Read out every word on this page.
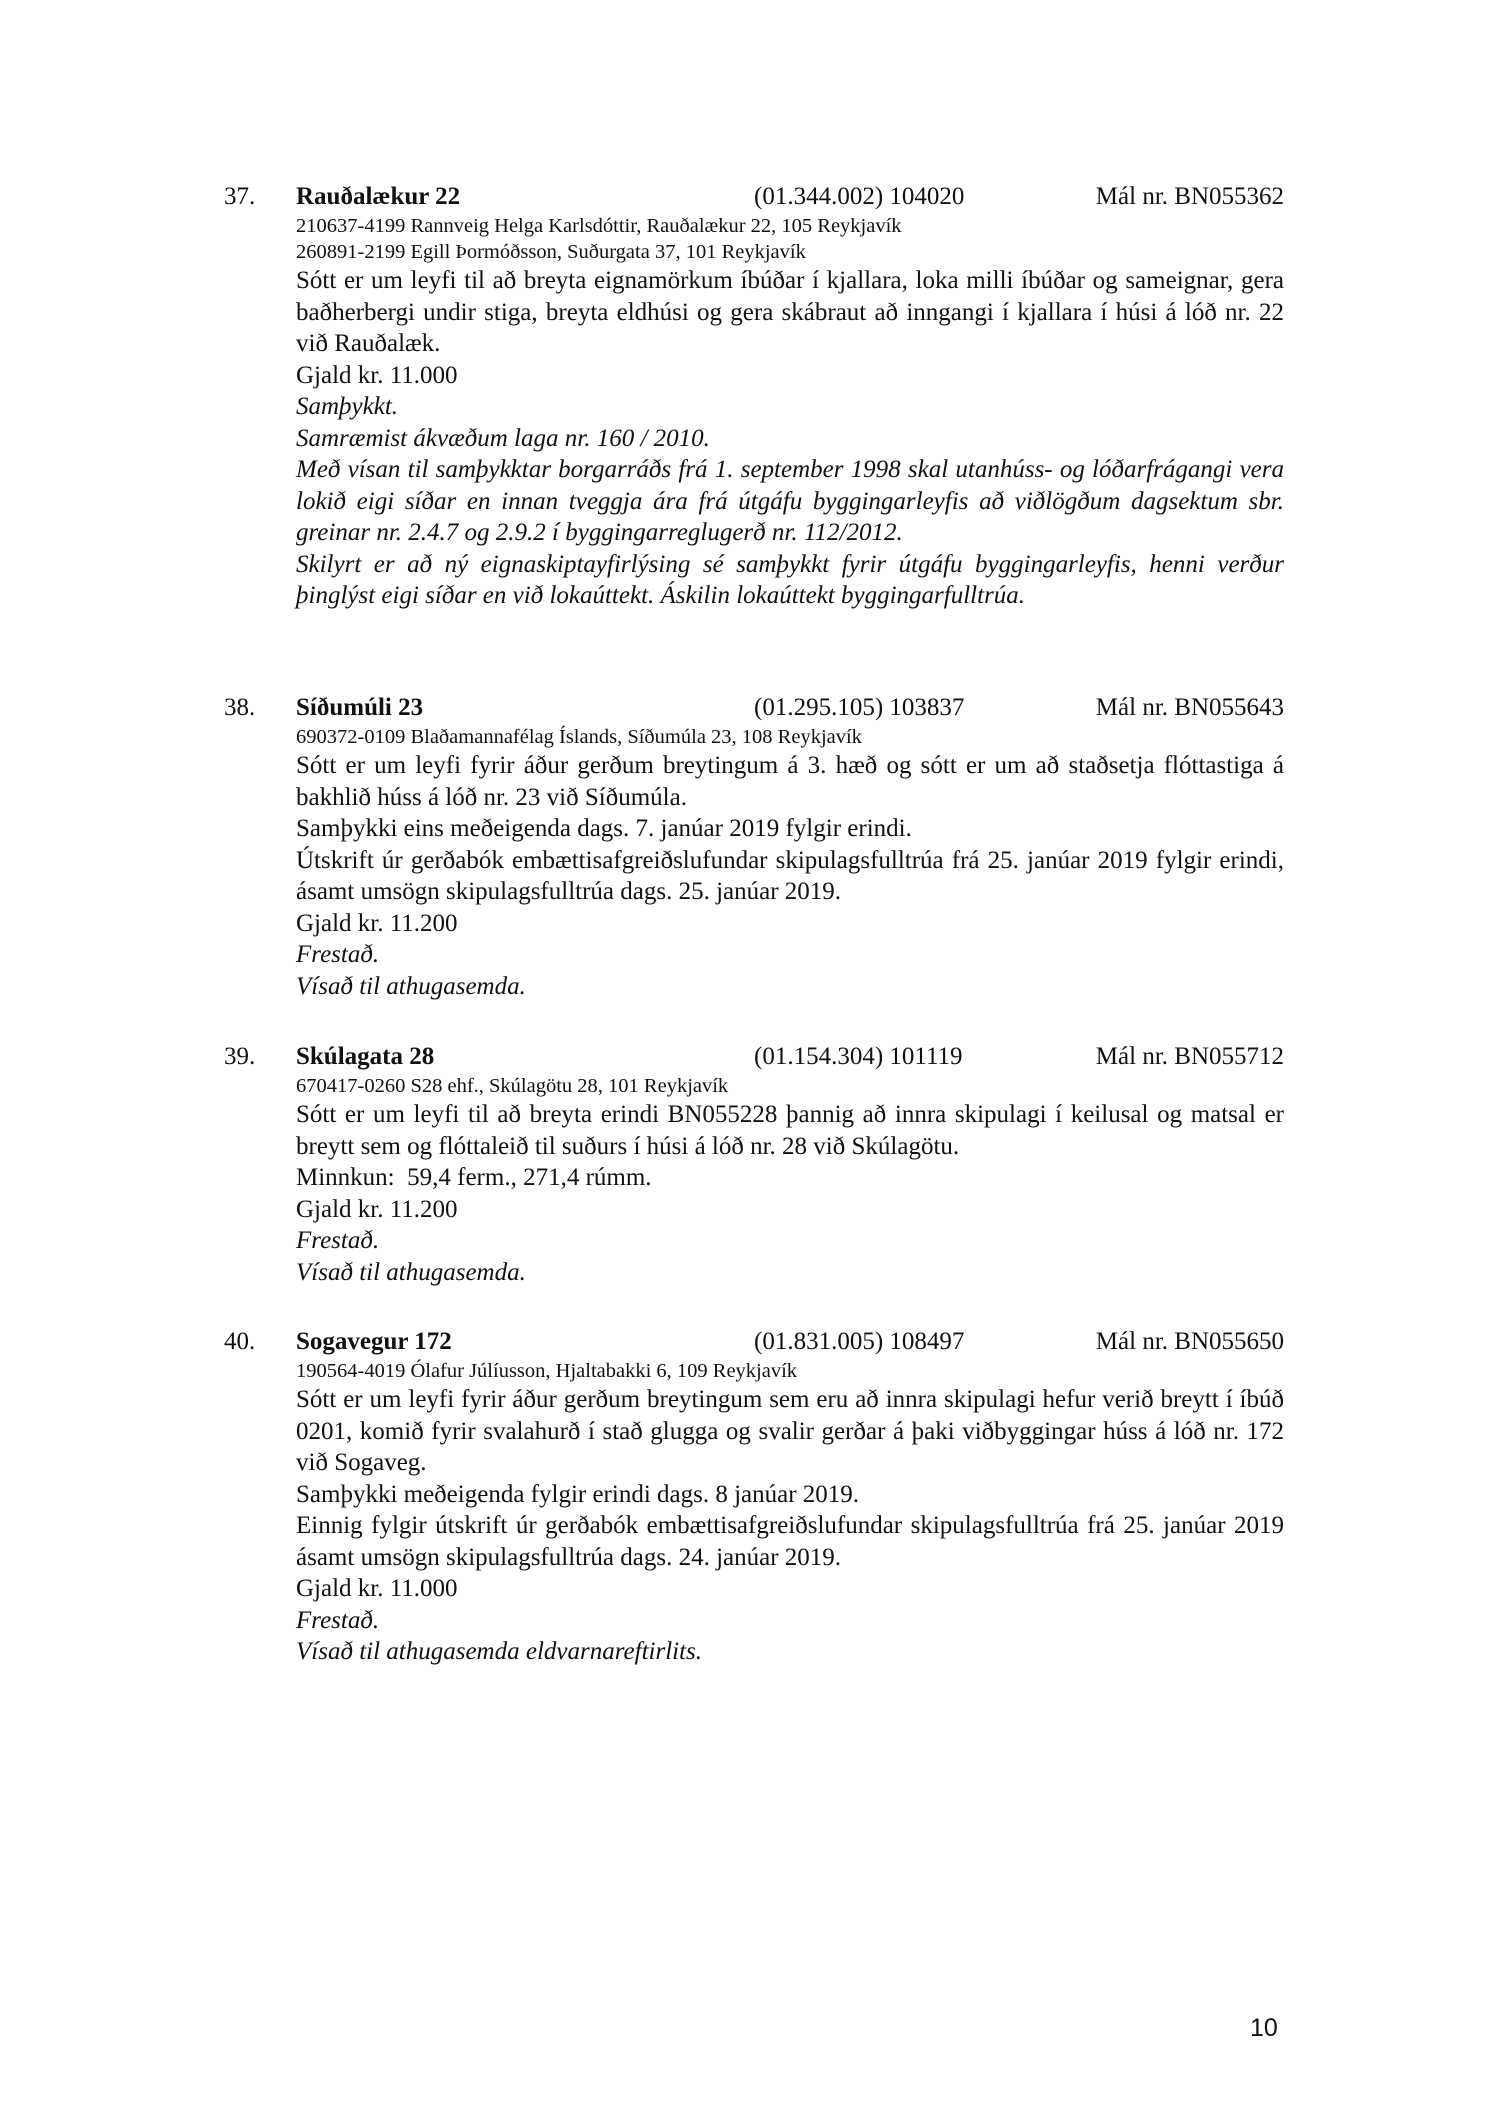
37. Rauðalækur 22	(01.344.002) 104020	Mál nr. BN055362
210637-4199 Rannveig Helga Karlsdóttir, Rauðalækur 22, 105 Reykjavík
260891-2199 Egill Þormóðsson, Suðurgata 37, 101 Reykjavík
Sótt er um leyfi til að breyta eignamörkum íbúðar í kjallara, loka milli íbúðar og sameignar, gera baðherbergi undir stiga, breyta eldhúsi og gera skábraut að inngangi í kjallara í húsi á lóð nr. 22 við Rauðalæk.
Gjald kr. 11.000
Samþykkt.
Samræmist ákvæðum laga nr. 160 / 2010.
Með vísan til samþykktar borgarráðs frá 1. september 1998 skal utanhúss- og lóðarfrágangi vera lokið eigi síðar en innan tveggja ára frá útgáfu byggingarleyfis að viðlögðum dagsektum sbr. greinar nr. 2.4.7 og 2.9.2 í byggingarreglugerð nr. 112/2012.
Skilyrt er að ný eignaskiptayfirlýsing sé samþykkt fyrir útgáfu byggingarleyfis, henni verður þinglýst eigi síðar en við lokaúttekt. Áskilin lokaúttekt byggingarfulltrúa.
38. Síðumúli 23	(01.295.105) 103837	Mál nr. BN055643
690372-0109 Blaðamannafélag Íslands, Síðumúla 23, 108 Reykjavík
Sótt er um leyfi fyrir áður gerðum breytingum á 3. hæð og sótt er um að staðsetja flóttastiga á bakhlið húss á lóð nr. 23 við Síðumúla.
Samþykki eins meðeigenda dags. 7. janúar 2019 fylgir erindi.
Útskrift úr gerðabók embættisafgreiðslufundar skipulagsfulltrúa frá 25. janúar 2019 fylgir erindi, ásamt umsögn skipulagsfulltrúa dags. 25. janúar 2019.
Gjald kr. 11.200
Frestað.
Vísað til athugasemda.
39. Skúlagata 28	(01.154.304) 101119	Mál nr. BN055712
670417-0260 S28 ehf., Skúlagötu 28, 101 Reykjavík
Sótt er um leyfi til að breyta erindi BN055228 þannig að innra skipulagi í keilusal og matsal er breytt sem og flóttaleið til suðurs í húsi á lóð nr. 28 við Skúlagötu.
Minnkun:  59,4 ferm., 271,4 rúmm.
Gjald kr. 11.200
Frestað.
Vísað til athugasemda.
40. Sogavegur 172	(01.831.005) 108497	Mál nr. BN055650
190564-4019 Ólafur Júlíusson, Hjaltabakki 6, 109 Reykjavík
Sótt er um leyfi fyrir áður gerðum breytingum sem eru að innra skipulagi hefur verið breytt í íbúð 0201, komið fyrir svalahurð í stað glugga og svalir gerðar á þaki viðbyggingar húss á lóð nr. 172 við Sogaveg.
Samþykki meðeigenda fylgir erindi dags. 8 janúar 2019.
Einnig fylgir útskrift úr gerðabók embættisafgreiðslufundar skipulagsfulltrúa frá 25. janúar 2019 ásamt umsögn skipulagsfulltrúa dags. 24. janúar 2019.
Gjald kr. 11.000
Frestað.
Vísað til athugasemda eldvarnareftirlits.
10
